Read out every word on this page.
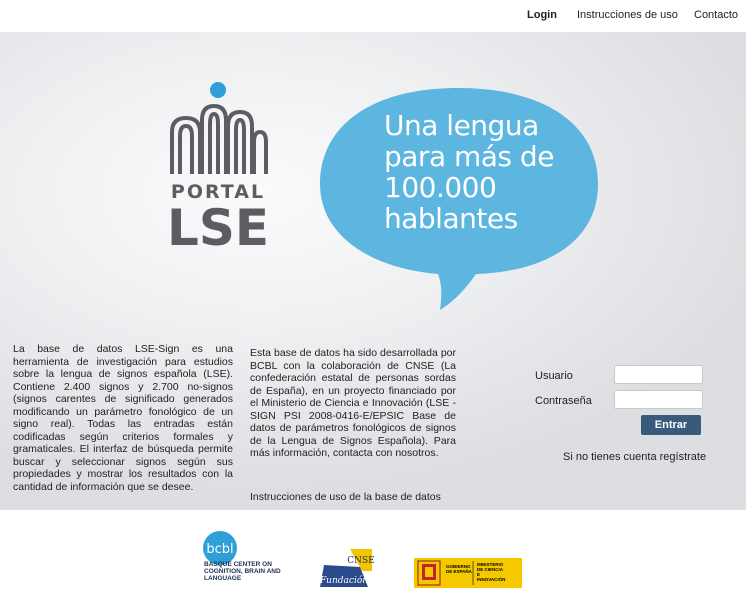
Login Instrucciones de uso Contacto
PORTAL
LSE
Una lengua
para más de
100.000
hablantes

La base de datos LSE-Sign es una herramienta de investigación para estudios sobre la lengua de signos española (LSE). Contiene 2.400 signos y 2.700 no-signos (signos carentes de significado generados modificando un parámetro fonológico de un signo real). Todas las entradas están codificadas según criterios formales y gramaticales. El interfaz de búsqueda permite buscar y seleccionar signos según sus propiedades y mostrar los resultados con la cantidad de información que se desee.

Esta base de datos ha sido desarrollada por BCBL con la colaboración de CNSE (La confederación estatal de personas sordas de España), en un proyecto financiado por el Ministerio de Ciencia e Innovación (LSE - SIGN PSI 2008-0416-E/EPSIC Base de datos de parámetros fonológicos de signos de la Lengua de Signos Española). Para más información, contacta con nosotros.

Instrucciones de uso de la base de datos
Usuario
Contraseña
Entrar
Si no tienes cuenta regístrate
bcbl
BASQUE CENTER ON COGNITION, BRAIN AND LANGUAGE
CNSE
Fundación
GOBIERNO DE ESPAÑA
MINISTERIO DE CIENCIA E INNOVACIÓN
